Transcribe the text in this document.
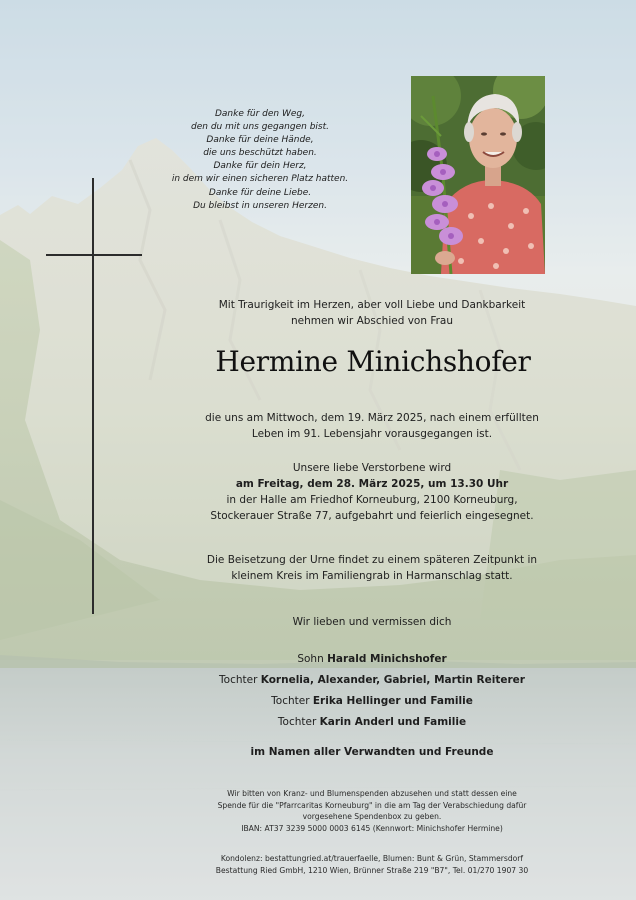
Danke für den Weg,
den du mit uns gegangen bist.
Danke für deine Hände,
die uns beschützt haben.
Danke für dein Herz,
in dem wir einen sicheren Platz hatten.
Danke für deine Liebe.
Du bleibst in unseren Herzen.
Mit Traurigkeit im Herzen, aber voll Liebe und Dankbarkeit
nehmen wir Abschied von Frau
Hermine Minichshofer
die uns am Mittwoch, dem 19. März 2025, nach einem erfüllten
Leben im 91. Lebensjahr vorausgegangen ist.
Unsere liebe Verstorbene wird
am Freitag, dem 28. März 2025, um 13.30 Uhr
in der Halle am Friedhof Korneuburg, 2100 Korneuburg,
Stockerauer Straße 77, aufgebahrt und feierlich eingesegnet.
Die Beisetzung der Urne findet zu einem späteren Zeitpunkt in
kleinem Kreis im Familiengrab in Harmanschlag statt.
Wir lieben und vermissen dich
Sohn Harald Minichshofer
Tochter Kornelia, Alexander, Gabriel, Martin Reiterer
Tochter Erika Hellinger und Familie
Tochter Karin Anderl und Familie
im Namen aller Verwandten und Freunde
Wir bitten von Kranz- und Blumenspenden abzusehen und statt dessen eine
Spende für die "Pfarrcaritas Korneuburg" in die am Tag der Verabschiedung dafür
vorgesehene Spendenbox zu geben.
IBAN: AT37 3239 5000 0003 6145 (Kennwort: Minichshofer Hermine)
Kondolenz: bestattungried.at/trauerfaelle, Blumen: Bunt & Grün, Stammersdorf
Bestattung Ried GmbH, 1210 Wien, Brünner Straße 219 "B7", Tel. 01/270 1907 30
